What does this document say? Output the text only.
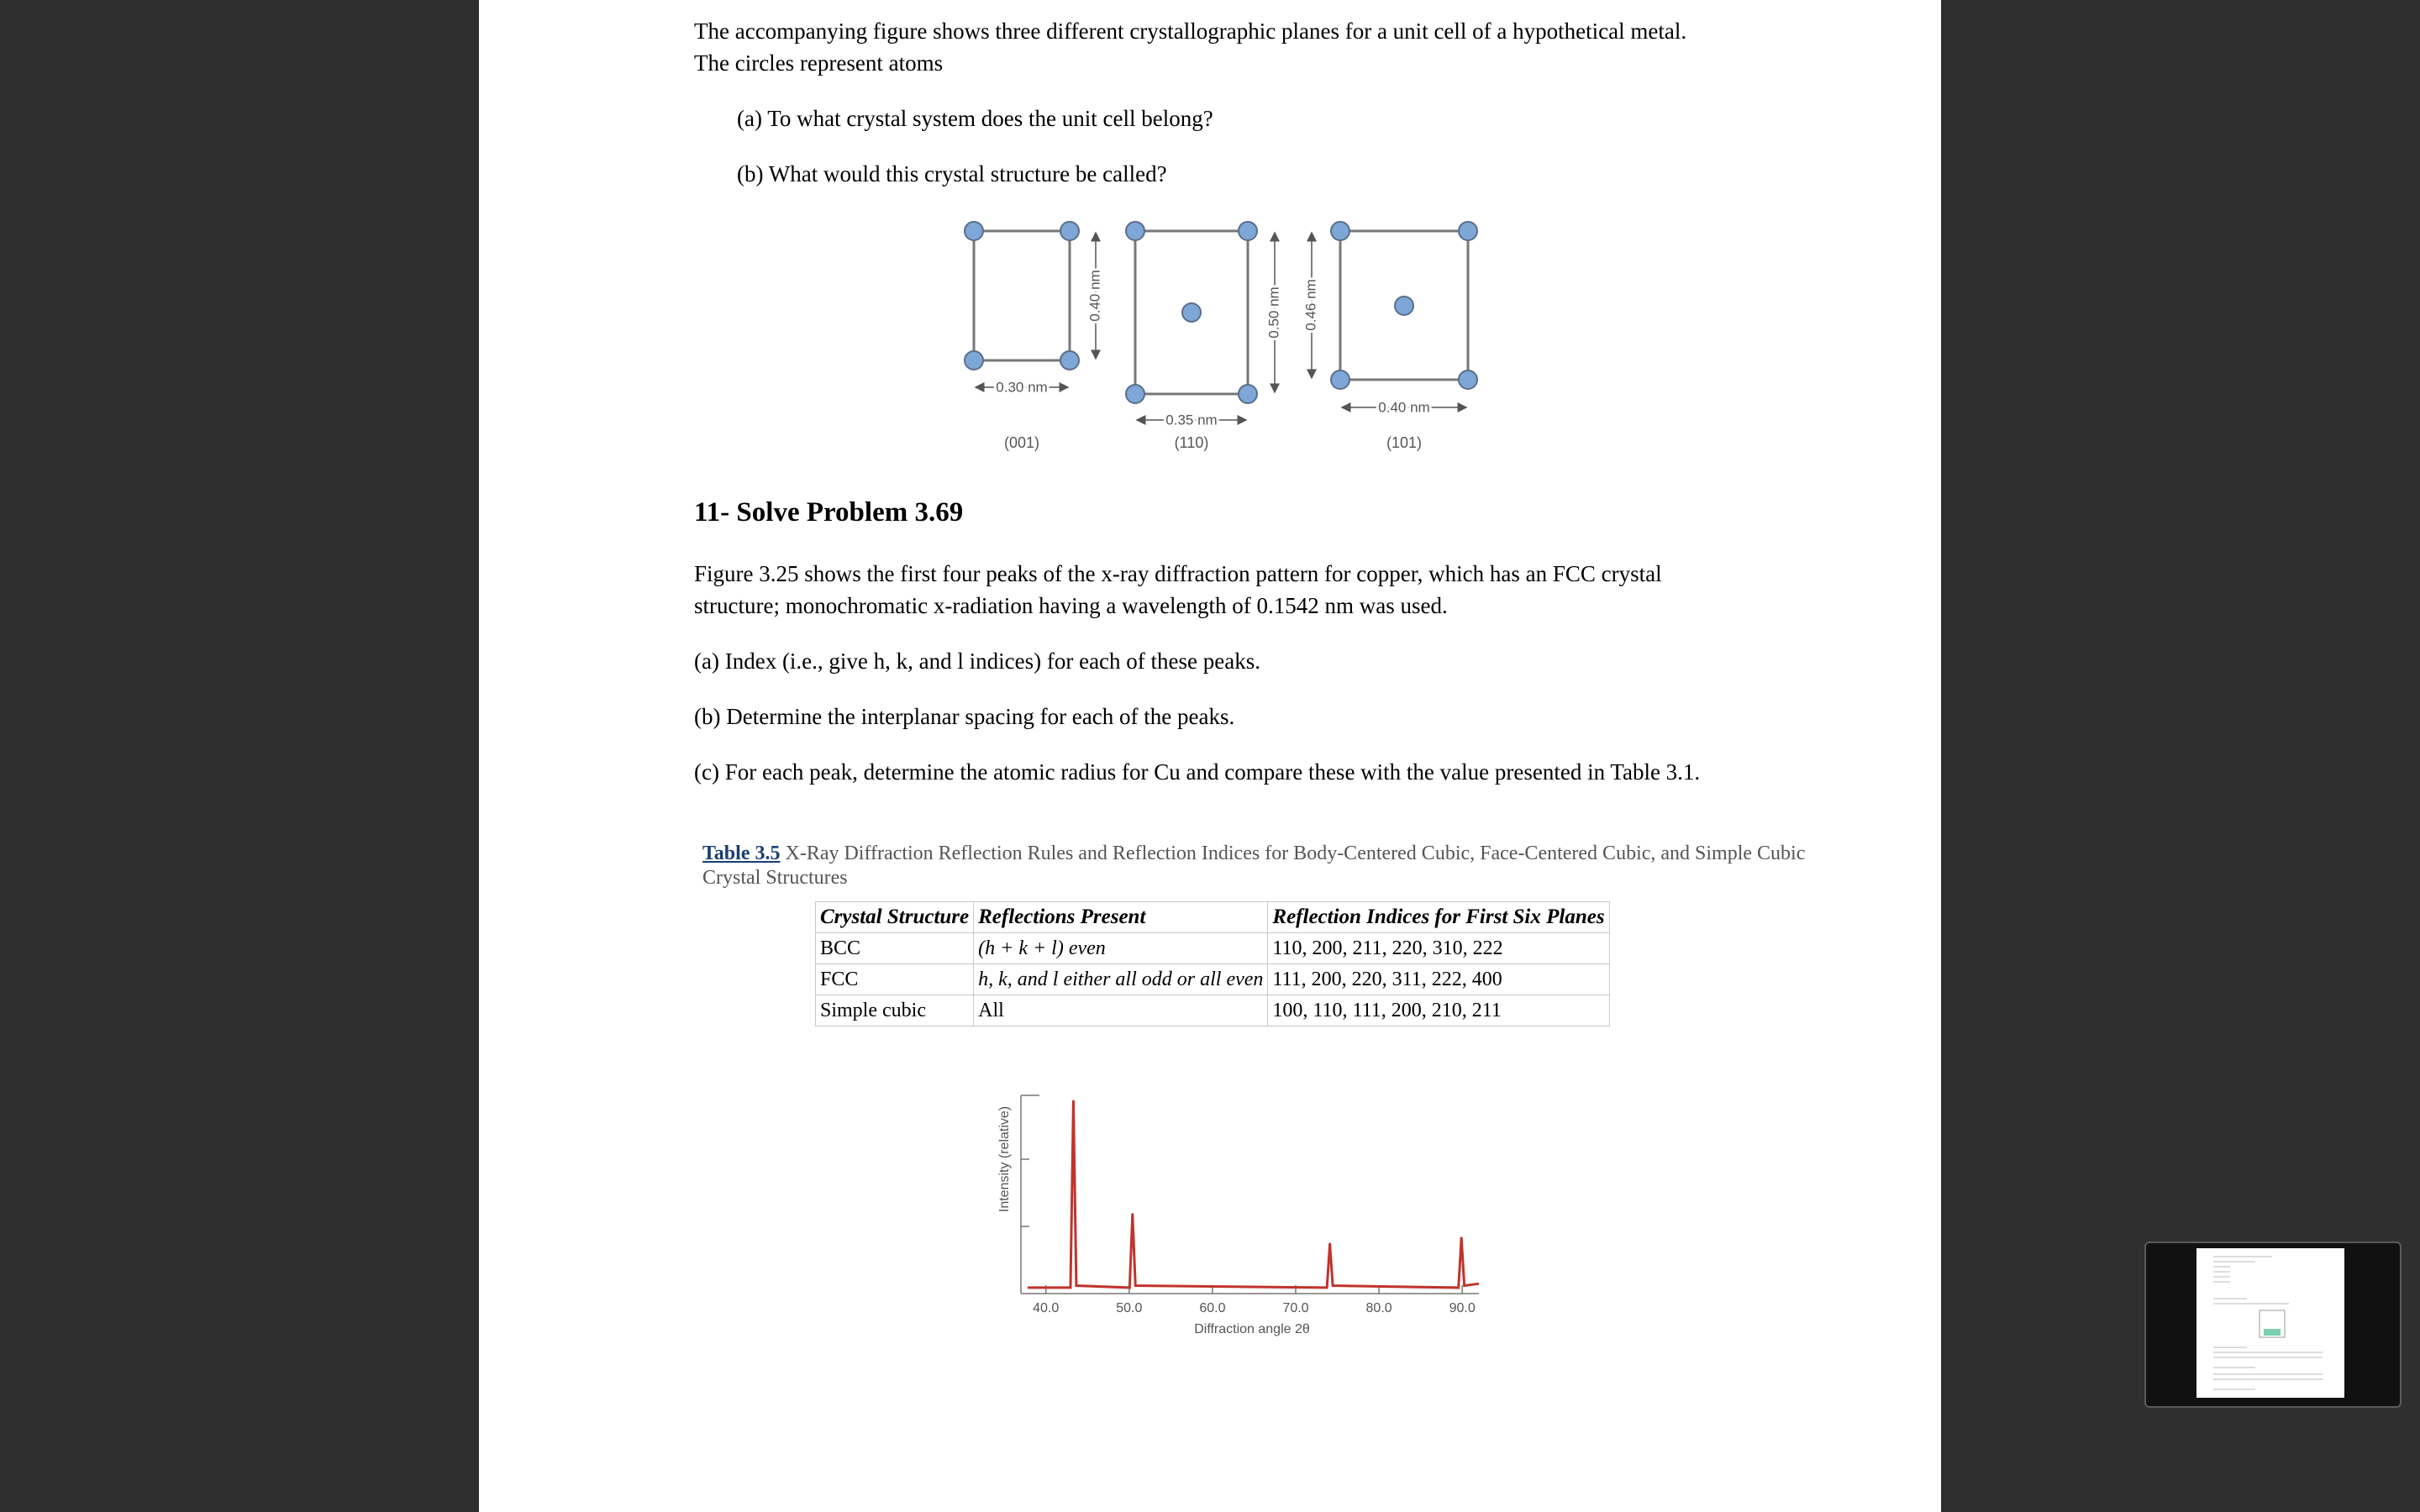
The accompanying figure shows three different crystallographic planes for a unit cell of a hypothetical metal.

The circles represent atoms

(a) To what crystal system does the unit cell belong?

(b) What would this crystal structure be called?

0.40 nm
0.30 nm
(001)
0.50 nm
0.35 nm
(110)
0.46 nm
0.40 nm
(101)

11- Solve Problem 3.69

Figure 3.25 shows the first four peaks of the x-ray diffraction pattern for copper, which has an FCC crystal

structure; monochromatic x-radiation having a wavelength of 0.1542 nm was used.

(a) Index (i.e., give h, k, and l indices) for each of these peaks.

(b) Determine the interplanar spacing for each of the peaks.

(c) For each peak, determine the atomic radius for Cu and compare these with the value presented in Table 3.1.

Table 3.5 X-Ray Diffraction Reflection Rules and Reflection Indices for Body-Centered Cubic, Face-Centered Cubic, and Simple Cubic Crystal Structures
Crystal Structure	Reflections Present	Reflection Indices for First Six Planes
BCC	(h + k + l) even	110, 200, 211, 220, 310, 222
FCC	h, k, and l either all odd or all even	111, 200, 220, 311, 222, 400
Simple cubic	All	100, 110, 111, 200, 210, 211
Intensity (relative)
40.0	50.0	60.0	70.0	80.0	90.0
Diffraction angle 2θ
